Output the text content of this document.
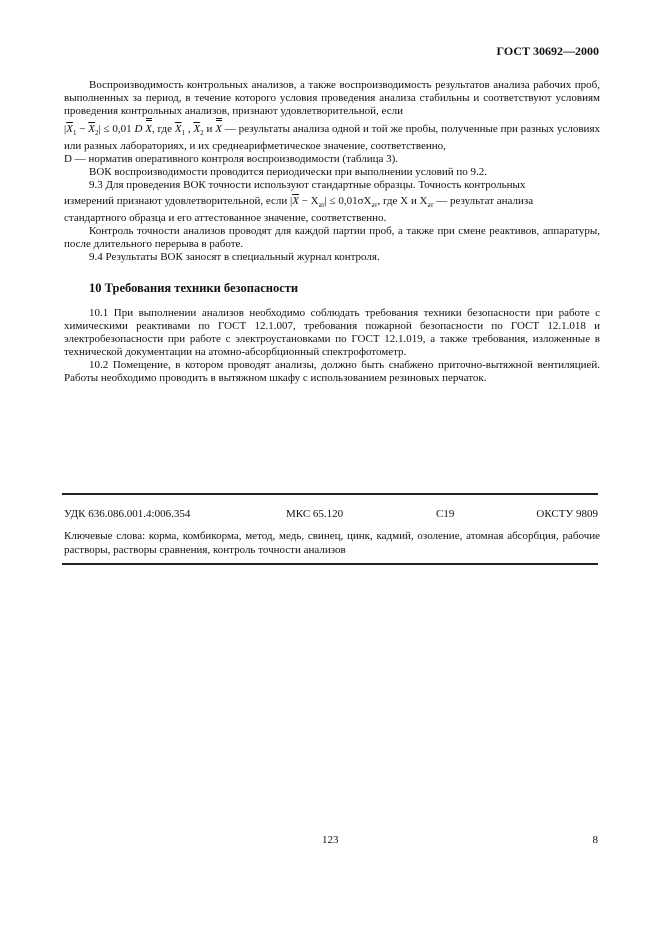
ГОСТ 30692—2000

Воспроизводимость контрольных анализов, а также воспроизводимость результатов анализа рабочих проб, выполненных за период, в течение которого условия проведения анализа стабильны и соответствуют условиям проведения контрольных анализов, признают удовлетворительной, если

$|\overline{X}_1 - \overline{X}_2| \le 0,01$ D X, где $\overline{X}_1$ , $\overline{X}_2$ и X — результаты анализа одной и той же пробы, полученные при разных условиях или разных лабораториях, и их среднеарифметическое значение, соответственно,

D — норматив оперативного контроля воспроизводимости (таблица 3).

ВОК воспроизводимости проводится периодически при выполнении условий по 9.2.

9.3 Для проведения ВОК точности используют стандартные образцы. Точность контрольных

измерений признают удовлетворительной, если $|\overline{X} - X_{ат}| \le 0,01\sigma X_{ат}$, где X и $X_{ат}$ — результат анализа

стандартного образца и его аттестованное значение, соответственно.

Контроль точности анализов проводят для каждой партии проб, а также при смене реактивов, аппаратуры, после длительного перерыва в работе.

9.4 Результаты ВОК заносят в специальный журнал контроля.

10 Требования техники безопасности

10.1 При выполнении анализов необходимо соблюдать требования техники безопасности при работе с химическими реактивами по ГОСТ 12.1.007, требования пожарной безопасности по ГОСТ 12.1.018 и электробезопасности при работе с электроустановками по ГОСТ 12.1.019, а также требования, изложенные в технической документации на атомно-абсорбционный спектрофотометр.

10.2 Помещение, в котором проводят анализы, должно быть снабжено приточно-вытяжной вентиляцией. Работы необходимо проводить в вытяжном шкафу с использованием резиновых перчаток.

УДК 636.086.001.4:006.354	МКС 65.120	С19	ОКСТУ 9809
Ключевые слова: корма, комбикорма, метод, медь, свинец, цинк, кадмий, озоление, атомная абсорбция, рабочие растворы, растворы сравнения, контроль точности анализов
123	8
